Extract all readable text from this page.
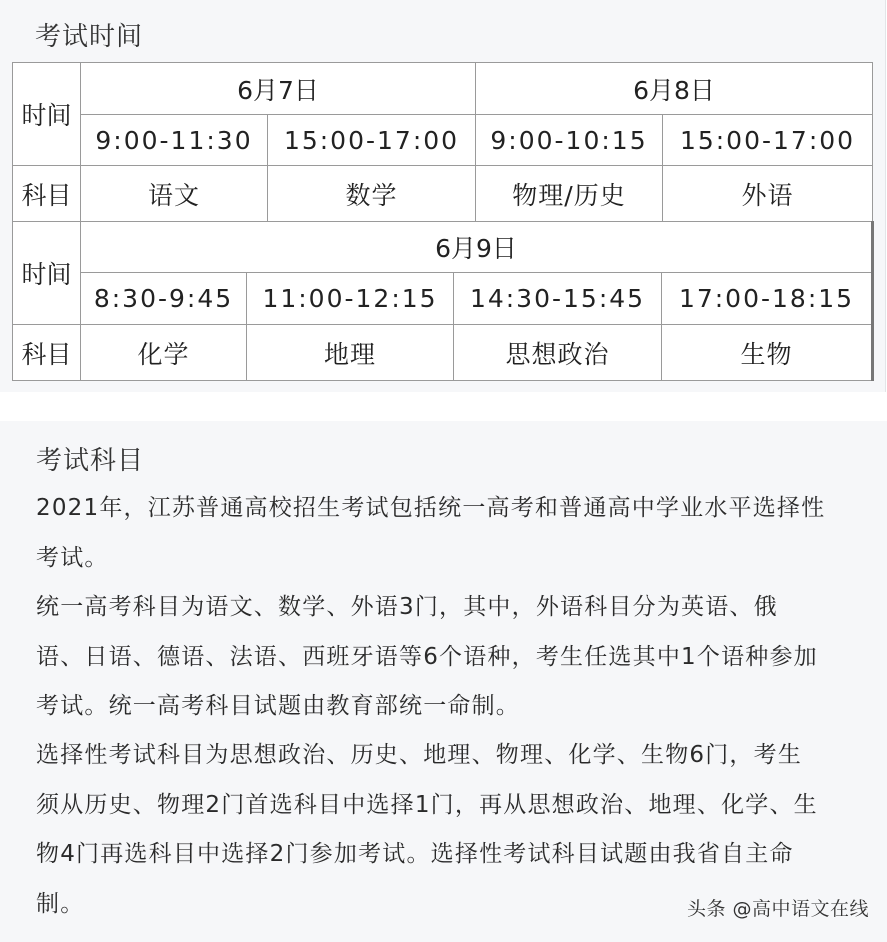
考试时间
时间	6月7日		6月8日	
	9:00-11:30	15:00-17:00	9:00-10:15	15:00-17:00
科目	语文	数学	物理/历史	外语
时间	6月9日			
	8:30-9:45	11:00-12:15	14:30-15:45	17:00-18:15
科目	化学	地理	思想政治	生物
考试科目

2021年，江苏普通高校招生考试包括统一高考和普通高中学业水平选择性考试。

统一高考科目为语文、数学、外语3门，其中，外语科目分为英语、俄语、日语、德语、法语、西班牙语等6个语种，考生任选其中1个语种参加考试。统一高考科目试题由教育部统一命制。

选择性考试科目为思想政治、历史、地理、物理、化学、生物6门，考生须从历史、物理2门首选科目中选择1门，再从思想政治、地理、化学、生物4门再选科目中选择2门参加考试。选择性考试科目试题由我省自主命制。	头条 @高中语文在线
